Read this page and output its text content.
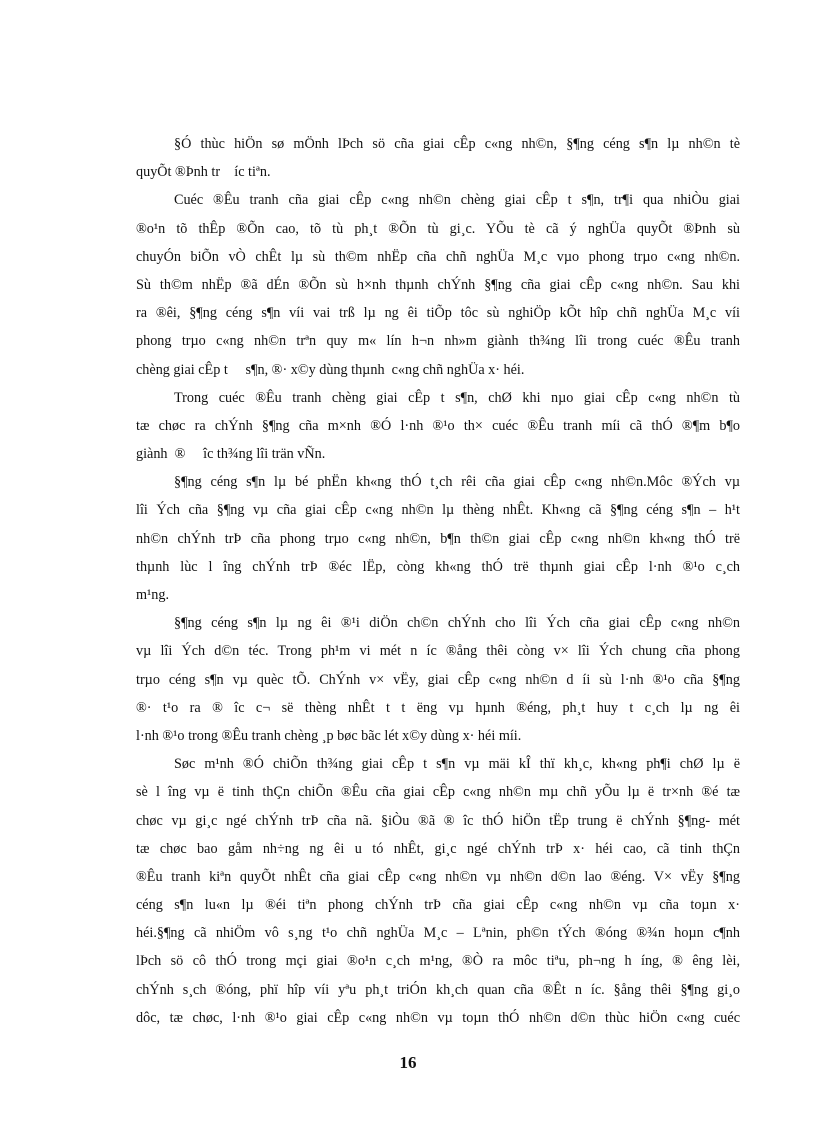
§Ó thùc hiÖn sø mÖnh lÞch sö cña giai cÊp c«ng nh©n, §¶ng céng s¶n lµ nh©n tè
quyÕt ®Þnh tr    íc tiªn.
Cuéc ®Êu tranh cña giai cÊp c«ng nh©n chèng giai cÊp t s¶n, tr¶i qua nhiÒu giai
®o¹n tõ thÊp ®Õn cao, tõ tù ph¸t ®Õn tù gi¸c. YÕu tè cã ý nghÜa quyÕt ®Þnh sù
chuyÓn biÕn vÒ chÊt lµ sù th©m nhËp cña chñ nghÜa M¸c vµo phong trµo c«ng nh©n.
Sù th©m nhËp ®ã dÉn ®Õn sù h×nh thµnh chÝnh §¶ng cña giai cÊp c«ng nh©n. Sau khi
ra ®êi, §¶ng céng s¶n víi vai trß lµ ng êi tiÕp tôc sù nghiÖp kÕt hîp chñ nghÜa M¸c víi
phong trµo c«ng nh©n trªn quy m« lín h¬n nh»m giành th¾ng lîi trong cuéc ®Êu tranh
chèng giai cÊp t     s¶n, ®· x©y dùng thµnh  c«ng chñ nghÜa x· héi.
Trong cuéc ®Êu tranh chèng giai cÊp t s¶n, chØ khi nµo giai cÊp c«ng nh©n tù
tæ chøc ra chÝnh §¶ng cña m×nh ®Ó l·nh ®¹o th× cuéc ®Êu tranh míi cã thÓ ®¶m b¶o
giành  ®     îc th¾ng lîi trän vÑn.
§¶ng céng s¶n lµ bé phËn kh«ng thÓ t¸ch rêi cña giai cÊp c«ng nh©n.Môc ®Ých vµ
lîi Ých cña §¶ng vµ cña giai cÊp c«ng nh©n lµ thèng nhÊt. Kh«ng cã §¶ng céng s¶n – h¹t
nh©n chÝnh trÞ cña phong trµo c«ng nh©n, b¶n th©n giai cÊp c«ng nh©n kh«ng thÓ trë
thµnh lùc l îng chÝnh trÞ ®éc lËp, còng kh«ng thÓ trë thµnh giai cÊp l·nh ®¹o c¸ch
m¹ng.
§¶ng céng s¶n lµ ng êi ®¹i diÖn ch©n chÝnh cho lîi Ých cña giai cÊp c«ng nh©n
vµ lîi Ých d©n téc. Trong ph¹m vi mét n íc ®ång thêi còng v× lîi Ých chung cña phong
trµo céng s¶n vµ quèc tÕ. ChÝnh v× vËy, giai cÊp c«ng nh©n d íi sù l·nh ®¹o cña §¶ng
®· t¹o ra ® îc c¬ së thèng nhÊt t t ëng vµ hµnh ®éng, ph¸t huy t c¸ch lµ ng êi
l·nh ®¹o trong ®Êu tranh chèng ¸p bøc bãc lét x©y dùng x· héi míi.
Søc m¹nh ®Ó chiÕn th¾ng giai cÊp t s¶n vµ mäi kÎ thï kh¸c, kh«ng ph¶i chØ lµ ë
sè l îng vµ ë tinh thÇn chiÕn ®Êu cña giai cÊp c«ng nh©n mµ chñ yÕu lµ ë tr×nh ®é tæ
chøc vµ gi¸c ngé chÝnh trÞ cña nã. §iÒu ®ã ® îc thÓ hiÖn tËp trung ë chÝnh §¶ng- mét
tæ chøc bao gåm nh÷ng ng êi u tó nhÊt, gi¸c ngé chÝnh trÞ x· héi cao, cã tinh thÇn
®Êu tranh kiªn quyÕt nhÊt cña giai cÊp c«ng nh©n vµ nh©n d©n lao ®éng. V× vËy §¶ng
céng s¶n lu«n lµ ®éi tiªn phong chÝnh trÞ cña giai cÊp c«ng nh©n vµ cña toµn x·
héi.§¶ng cã nhiÖm vô s¸ng t¹o chñ nghÜa M¸c – Lªnin, ph©n tÝch ®óng ®¾n hoµn c¶nh
lÞch sö cô thÓ trong mçi giai ®o¹n c¸ch m¹ng, ®Ò ra môc tiªu, ph¬ng h íng, ® êng lèi,
chÝnh s¸ch ®óng, phï hîp víi yªu ph¸t triÓn kh¸ch quan cña ®Êt n íc. §ång thêi §¶ng gi¸o
dôc, tæ chøc, l·nh ®¹o giai cÊp c«ng nh©n vµ toµn thÓ nh©n d©n thùc hiÖn c«ng cuéc
16
